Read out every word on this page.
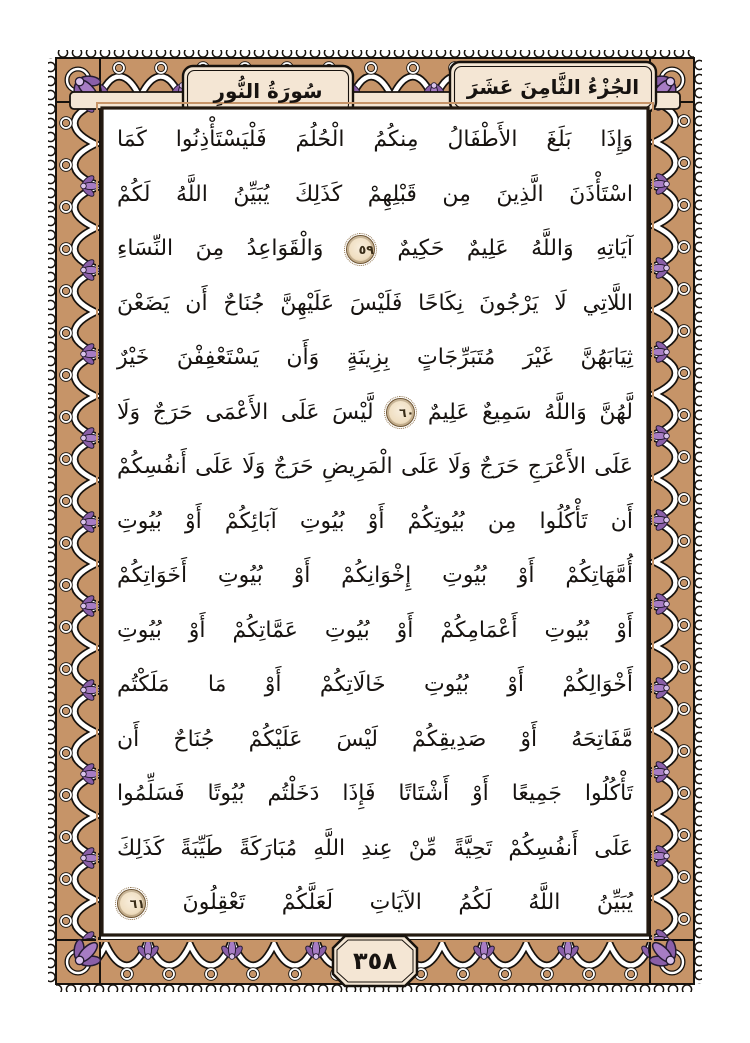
الجُزْءُ الثَّامِنَ عَشَرَ
سُورَةُ النُّورِ
وَإِذَا بَلَغَ الأَطْفَالُ مِنكُمُ الْحُلُمَ فَلْيَسْتَأْذِنُوا كَمَا
اسْتَأْذَنَ الَّذِينَ مِن قَبْلِهِمْ كَذَلِكَ يُبَيِّنُ اللَّهُ لَكُمْ
آيَاتِهِ وَاللَّهُ عَلِيمٌ حَكِيمٌ ٥٩ وَالْقَوَاعِدُ مِنَ النِّسَاءِ
اللَّاتِي لَا يَرْجُونَ نِكَاحًا فَلَيْسَ عَلَيْهِنَّ جُنَاحٌ أَن يَضَعْنَ
ثِيَابَهُنَّ غَيْرَ مُتَبَرِّجَاتٍ بِزِينَةٍ وَأَن يَسْتَعْفِفْنَ خَيْرٌ
لَّهُنَّ وَاللَّهُ سَمِيعٌ عَلِيمٌ ٦٠ لَّيْسَ عَلَى الأَعْمَى حَرَجٌ وَلَا
عَلَى الأَعْرَجِ حَرَجٌ وَلَا عَلَى الْمَرِيضِ حَرَجٌ وَلَا عَلَى أَنفُسِكُمْ
أَن تَأْكُلُوا مِن بُيُوتِكُمْ أَوْ بُيُوتِ آبَائِكُمْ أَوْ بُيُوتِ
أُمَّهَاتِكُمْ أَوْ بُيُوتِ إِخْوَانِكُمْ أَوْ بُيُوتِ أَخَوَاتِكُمْ
أَوْ بُيُوتِ أَعْمَامِكُمْ أَوْ بُيُوتِ عَمَّاتِكُمْ أَوْ بُيُوتِ
أَخْوَالِكُمْ أَوْ بُيُوتِ خَالَاتِكُمْ أَوْ مَا مَلَكْتُم
مَّفَاتِحَهُ أَوْ صَدِيقِكُمْ لَيْسَ عَلَيْكُمْ جُنَاحٌ أَن
تَأْكُلُوا جَمِيعًا أَوْ أَشْتَاتًا فَإِذَا دَخَلْتُم بُيُوتًا فَسَلِّمُوا
عَلَى أَنفُسِكُمْ تَحِيَّةً مِّنْ عِندِ اللَّهِ مُبَارَكَةً طَيِّبَةً كَذَلِكَ
يُبَيِّنُ اللَّهُ لَكُمُ الآيَاتِ لَعَلَّكُمْ تَعْقِلُونَ ٦١
٣٥٨
